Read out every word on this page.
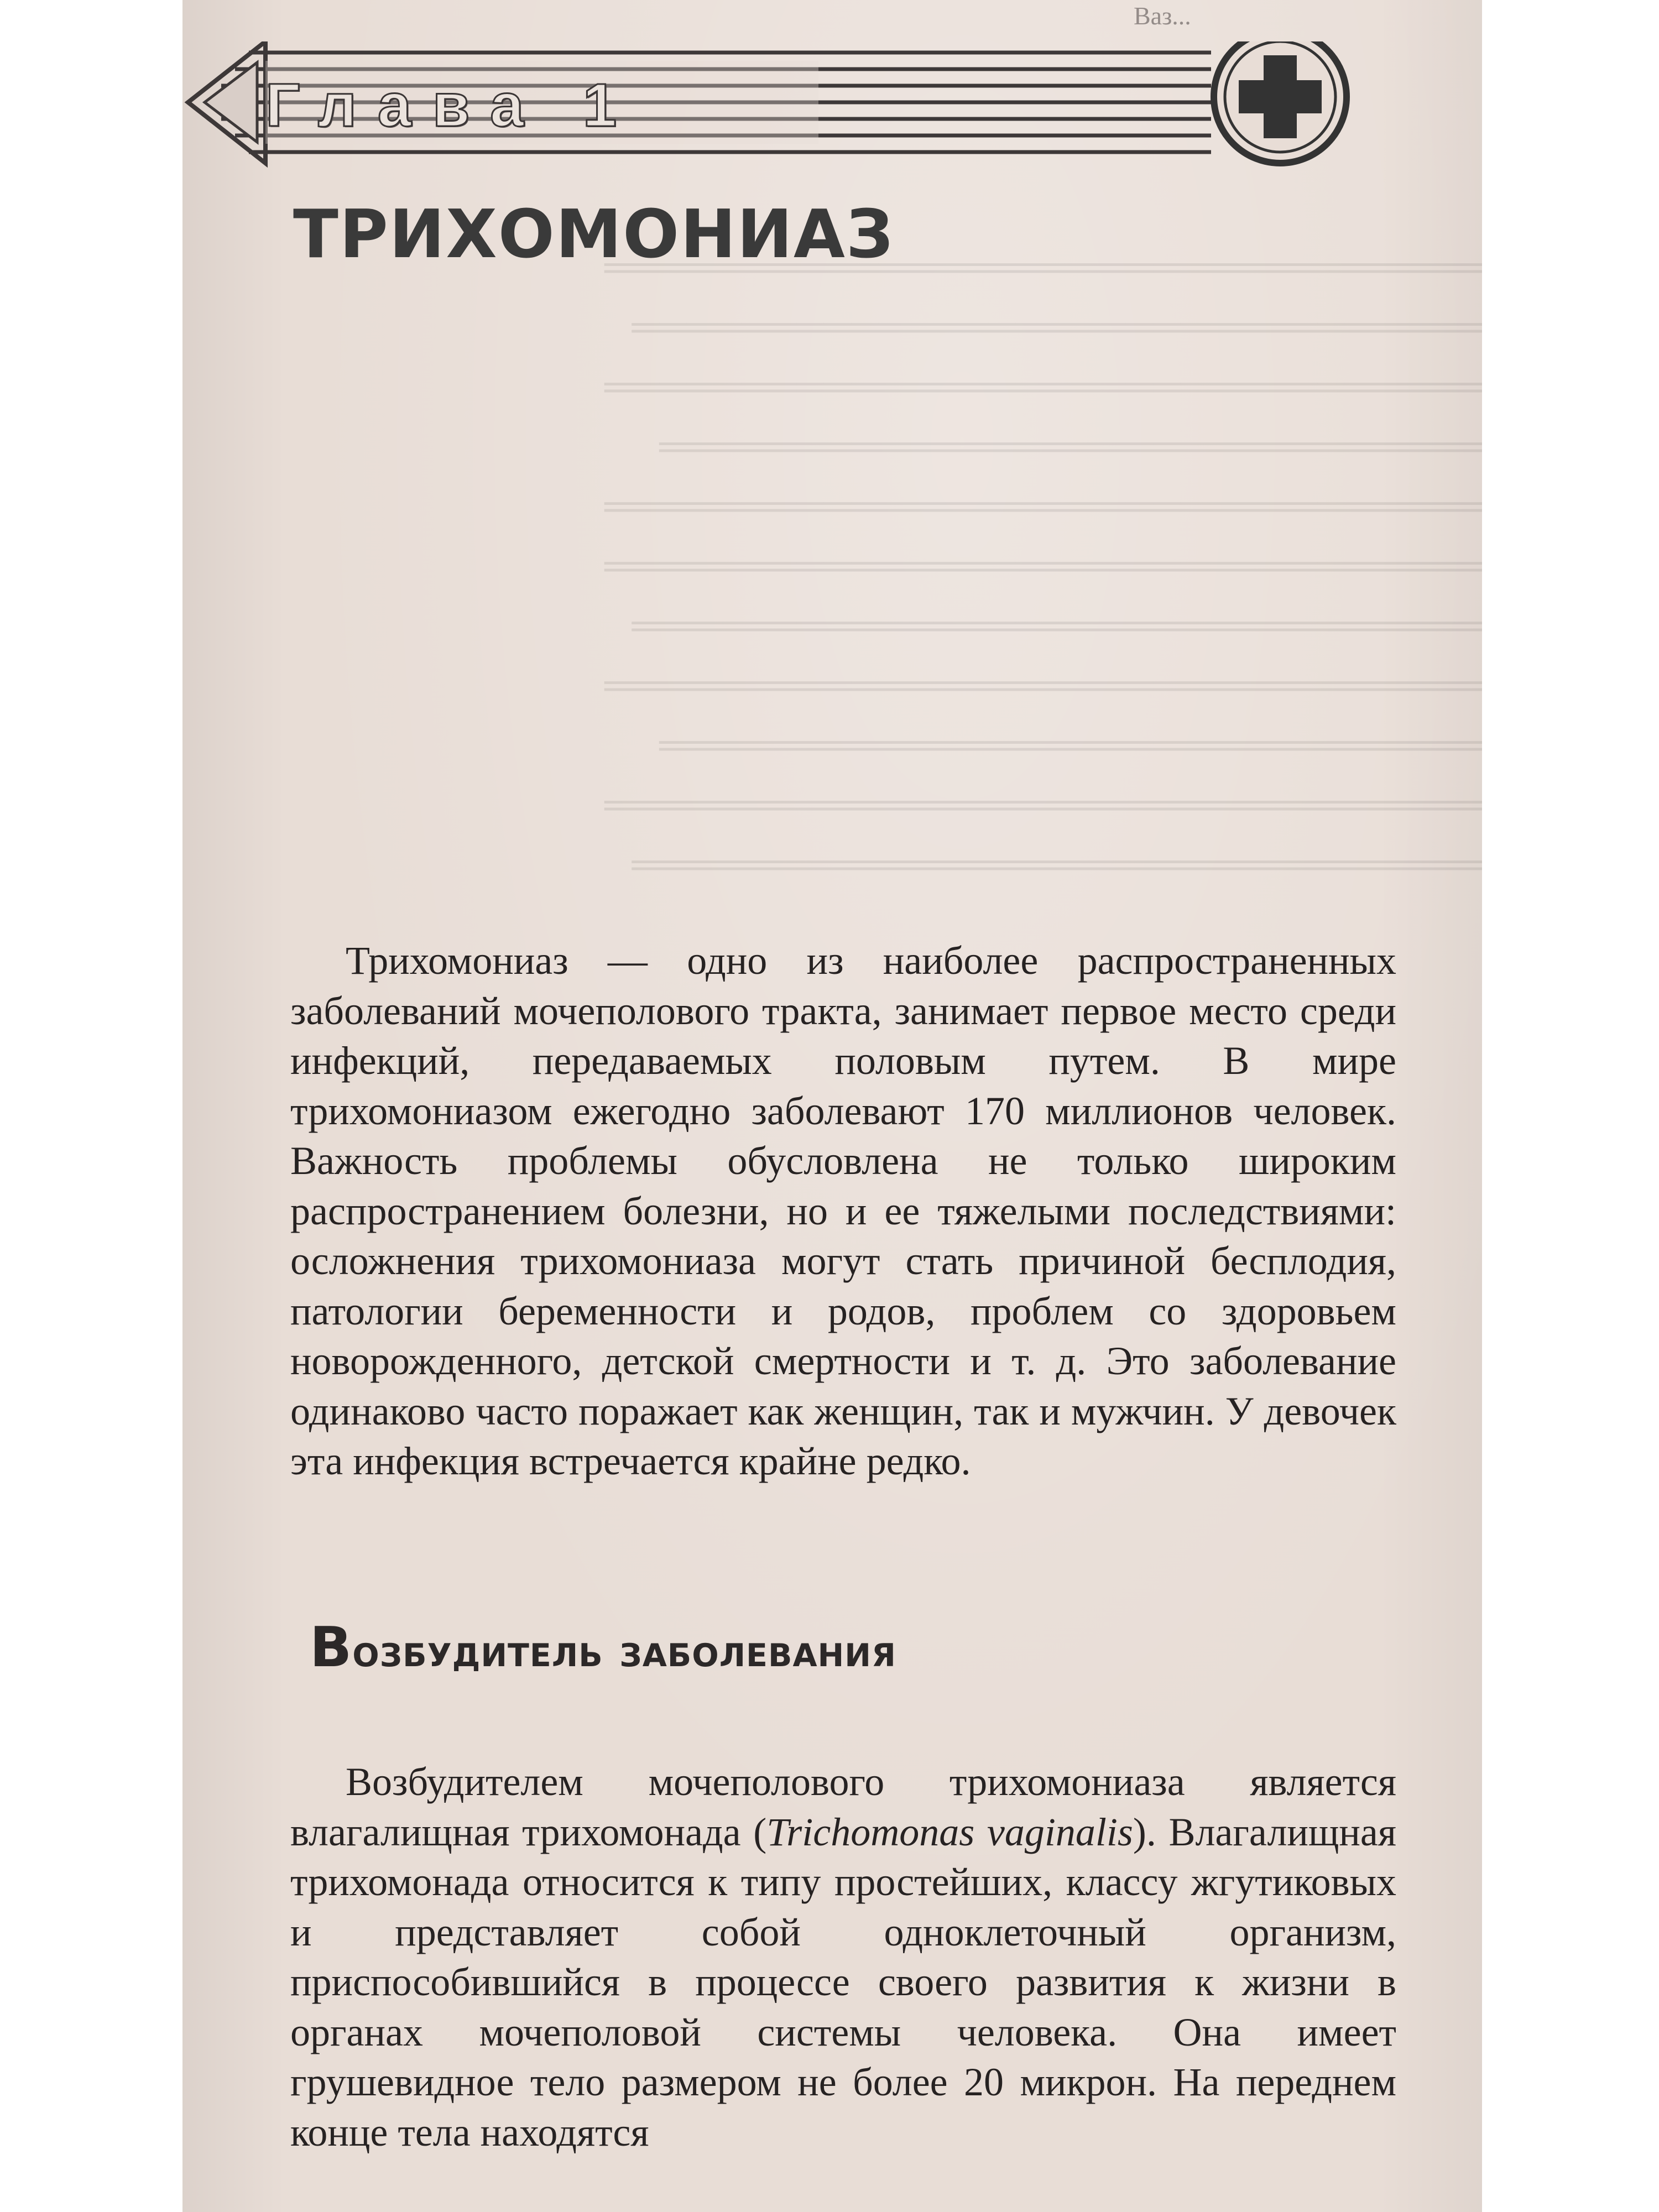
════════════════════════════════
═══════════════════════════════
════════════════════════════════
══════════════════════════════
════════════════════════════════
════════════════════════════════
═══════════════════════════════
════════════════════════════════
══════════════════════════════
════════════════════════════════
═══════════════════════════════
Глава 1
Ваз...
ТРИХОМОНИАЗ

Трихомониаз — одно из наиболее распространенных заболеваний мочеполового тракта, занимает первое место среди инфекций, передаваемых половым путем. В мире трихомониазом ежегодно заболевают 170 миллионов человек. Важность проблемы обусловлена не только широким распространением болезни, но и ее тяжелыми последствиями: осложнения трихомониаза могут стать причиной бесплодия, патологии беременности и родов, проблем со здоровьем новорожденного, детской смертности и т. д. Это заболевание одинаково часто поражает как женщин, так и мужчин. У девочек эта инфекция встречается крайне редко.

Возбудитель заболевания

Возбудителем мочеполового трихомониаза является влагалищная трихомонада (Trichomonas vaginalis). Влагалищная трихомонада относится к типу простейших, классу жгутиковых и представляет собой одноклеточный организм, приспособившийся в процессе своего развития к жизни в органах мочеполовой системы человека. Она имеет грушевидное тело размером не более 20 микрон. На переднем конце тела находятся
